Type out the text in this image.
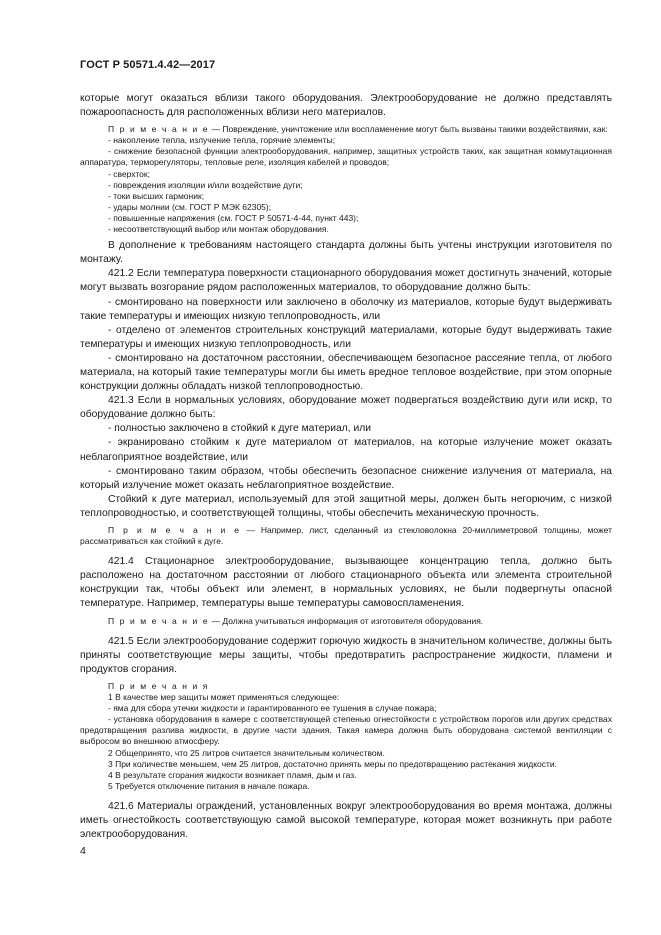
ГОСТ Р 50571.4.42—2017

которые могут оказаться вблизи такого оборудования. Электрооборудование не должно представлять пожароопасность для расположенных вблизи него материалов.

П р и м е ч а н и е — Повреждение, уничтожение или воспламенение могут быть вызваны такими воздействиями, как:

- накопление тепла, излучение тепла, горячие элементы;

- снижение безопасной функции электрооборудования, например, защитных устройств таких, как защитная коммутационная аппаратура, терморегуляторы, тепловые реле, изоляция кабелей и проводов;

- сверхток;

- повреждения изоляции и/или воздействие дуги;

- токи высших гармоник;

- удары молнии (см. ГОСТ Р МЭК 62305);

- повышенные напряжения (см. ГОСТ Р 50571-4-44, пункт 443);

- несоответствующий выбор или монтаж оборудования.

В дополнение к требованиям настоящего стандарта должны быть учтены инструкции изготовителя по монтажу.

421.2 Если температура поверхности стационарного оборудования может достигнуть значений, которые могут вызвать возгорание рядом расположенных материалов, то оборудование должно быть:

- смонтировано на поверхности или заключено в оболочку из материалов, которые будут выдерживать такие температуры и имеющих низкую теплопроводность, или

- отделено от элементов строительных конструкций материалами, которые будут выдерживать такие температуры и имеющих низкую теплопроводность, или

- смонтировано на достаточном расстоянии, обеспечивающем безопасное рассеяние тепла, от любого материала, на который такие температуры могли бы иметь вредное тепловое воздействие, при этом опорные конструкции должны обладать низкой теплопроводностью.

421.3 Если в нормальных условиях, оборудование может подвергаться воздействию дуги или искр, то оборудование должно быть:

- полностью заключено в стойкий к дуге материал, или

- экранировано стойким к дуге материалом от материалов, на которые излучение может оказать неблагоприятное воздействие, или

- смонтировано таким образом, чтобы обеспечить безопасное снижение излучения от материала, на который излучение может оказать неблагоприятное воздействие.

Стойкий к дуге материал, используемый для этой защитной меры, должен быть негорючим, с низкой теплопроводностью, и соответствующей толщины, чтобы обеспечить механическую прочность.

П р и м е ч а н и е — Например, лист, сделанный из стекловолокна 20-миллиметровой толщины, может рассматриваться как стойкий к дуге.

421.4 Стационарное электрооборудование, вызывающее концентрацию тепла, должно быть расположено на достаточном расстоянии от любого стационарного объекта или элемента строительной конструкции так, чтобы объект или элемент, в нормальных условиях, не были подвергнуты опасной температуре. Например, температуры выше температуры самовоспламенения.

П р и м е ч а н и е — Должна учитываться информация от изготовителя оборудования.

421.5 Если электрооборудование содержит горючую жидкость в значительном количестве, должны быть приняты соответствующие меры защиты, чтобы предотвратить распространение жидкости, пламени и продуктов сгорания.

П р и м е ч а н и я

1 В качестве мер защиты может применяться следующее:

- яма для сбора утечки жидкости и гарантированного ее тушения в случае пожара;

- установка оборудования в камере с соответствующей степенью огнестойкости с устройством порогов или других средствах предотвращения разлива жидкости, в другие части здания. Такая камера должна быть оборудована системой вентиляции с выбросом во внешнюю атмосферу.

2 Общепринято, что 25 литров считается значительным количеством.

3 При количестве меньшем, чем 25 литров, достаточно принять меры по предотвращению растекания жидкости.

4 В результате сгорания жидкости возникает пламя, дым и газ.

5 Требуется отключение питания в начале пожара.

421.6 Материалы ограждений, установленных вокруг электрооборудования во время монтажа, должны иметь огнестойкость соответствующую самой высокой температуре, которая может возникнуть при работе электрооборудования.

4
